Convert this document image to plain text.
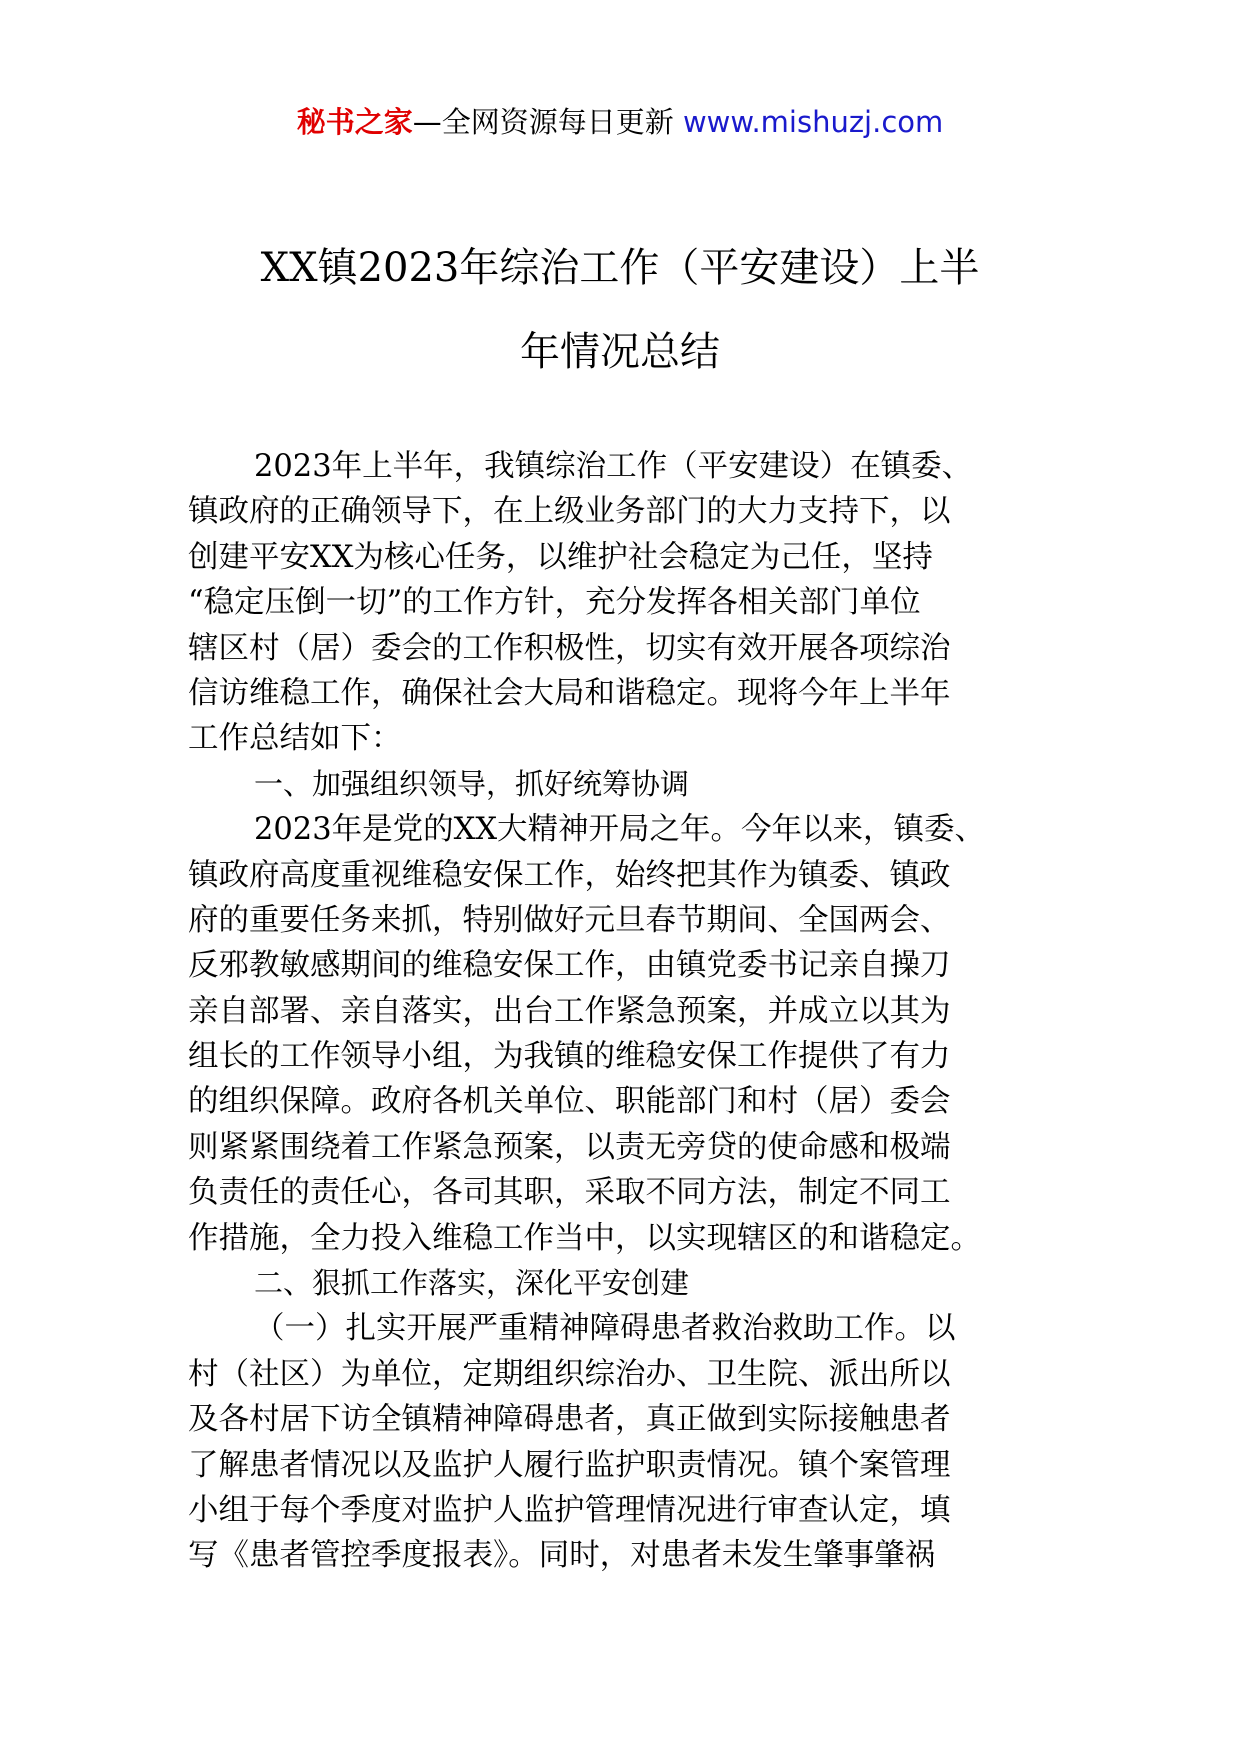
秘书之家—全网资源每日更新 www.mishuzj.com
XX镇2023年综治工作（平安建设）上半
年情况总结
2023年上半年，我镇综治工作（平安建设）在镇委、
镇政府的正确领导下，在上级业务部门的大力支持下，以
创建平安XX为核心任务，以维护社会稳定为己任，坚持
“稳定压倒一切”的工作方针，充分发挥各相关部门单位
辖区村（居）委会的工作积极性，切实有效开展各项综治
信访维稳工作，确保社会大局和谐稳定。现将今年上半年
工作总结如下：
一、加强组织领导，抓好统筹协调
2023年是党的XX大精神开局之年。今年以来，镇委、
镇政府高度重视维稳安保工作，始终把其作为镇委、镇政
府的重要任务来抓，特别做好元旦春节期间、全国两会、
反邪教敏感期间的维稳安保工作，由镇党委书记亲自操刀
亲自部署、亲自落实，出台工作紧急预案，并成立以其为
组长的工作领导小组，为我镇的维稳安保工作提供了有力
的组织保障。政府各机关单位、职能部门和村（居）委会
则紧紧围绕着工作紧急预案，以责无旁贷的使命感和极端
负责任的责任心，各司其职，采取不同方法，制定不同工
作措施，全力投入维稳工作当中，以实现辖区的和谐稳定。
二、狠抓工作落实，深化平安创建
（一）扎实开展严重精神障碍患者救治救助工作。以
村（社区）为单位，定期组织综治办、卫生院、派出所以
及各村居下访全镇精神障碍患者，真正做到实际接触患者
了解患者情况以及监护人履行监护职责情况。镇个案管理
小组于每个季度对监护人监护管理情况进行审查认定，填
写《患者管控季度报表》。同时，对患者未发生肇事肇祸
